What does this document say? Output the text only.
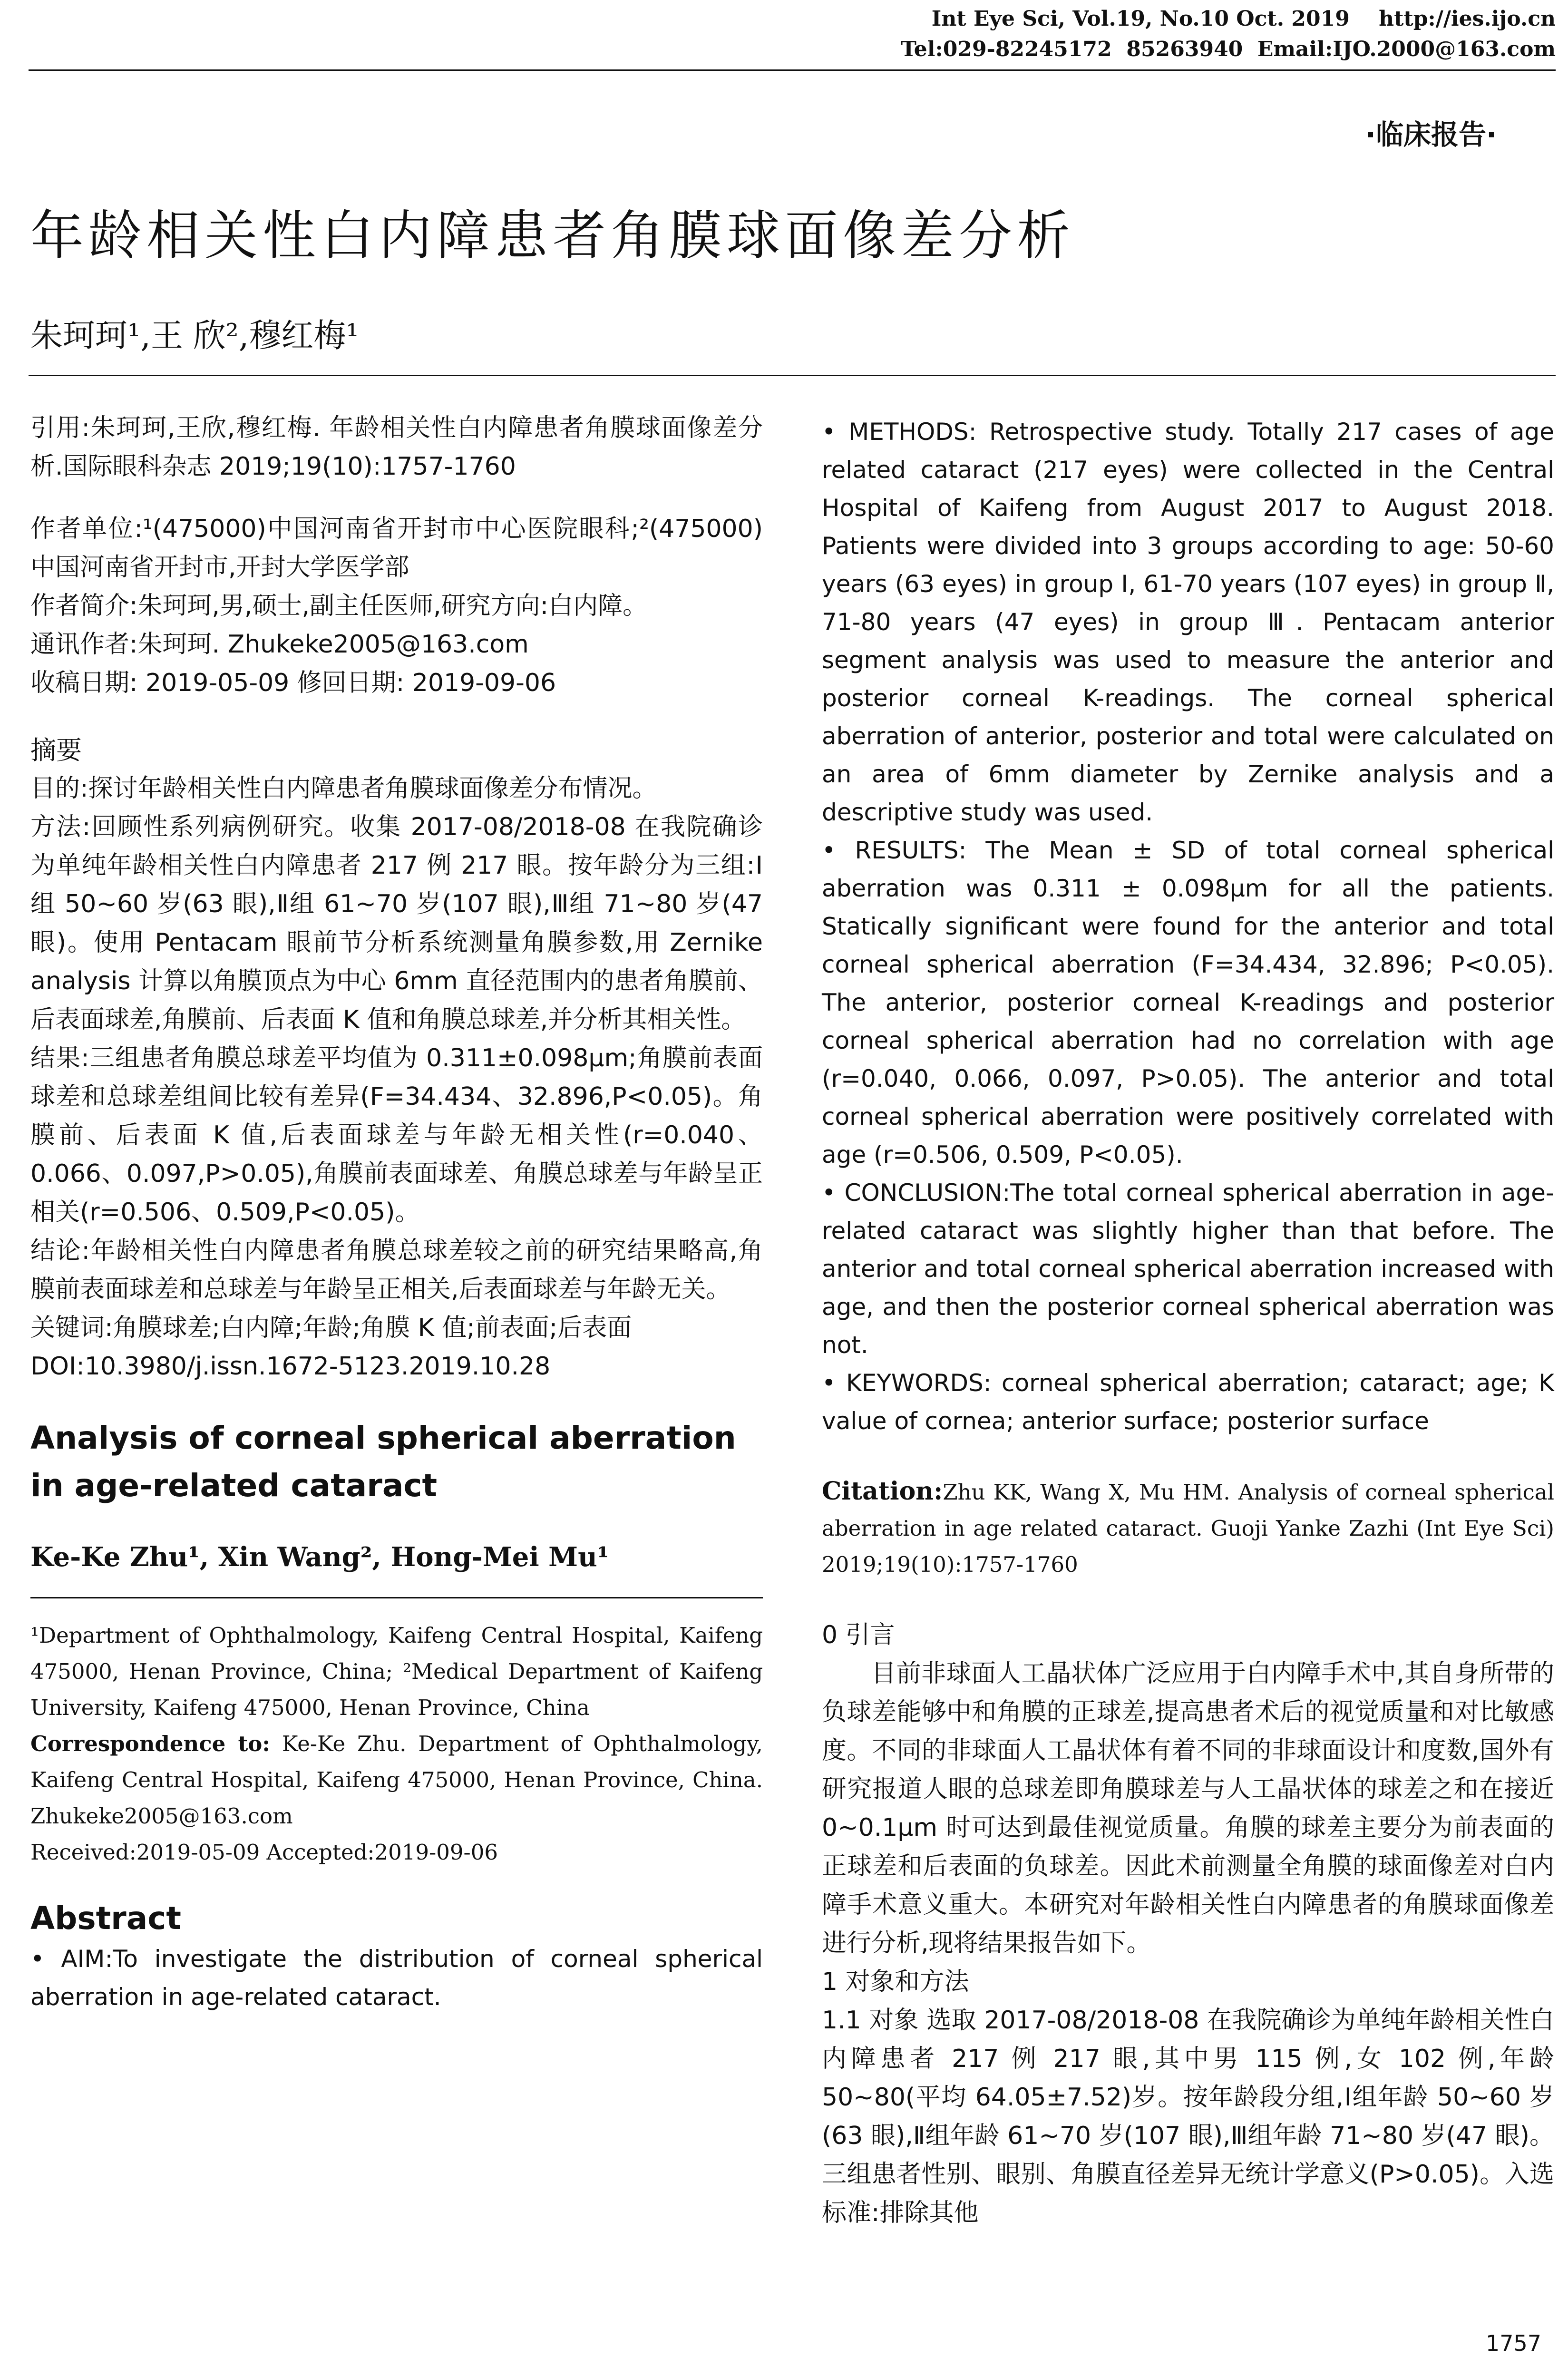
Int Eye Sci, Vol.19, No.10 Oct. 2019    http://ies.ijo.cn
Tel:029-82245172  85263940  Email:IJO.2000@163.com
·临床报告·
年龄相关性白内障患者角膜球面像差分析
朱珂珂¹,王 欣²,穆红梅¹

引用:朱珂珂,王欣,穆红梅. 年龄相关性白内障患者角膜球面像差分析.国际眼科杂志 2019;19(10):1757-1760

作者单位:¹(475000)中国河南省开封市中心医院眼科;²(475000)中国河南省开封市,开封大学医学部

作者简介:朱珂珂,男,硕士,副主任医师,研究方向:白内障。

通讯作者:朱珂珂. Zhukeke2005@163.com

收稿日期: 2019-05-09 修回日期: 2019-09-06

摘要

目的:探讨年龄相关性白内障患者角膜球面像差分布情况。

方法:回顾性系列病例研究。收集 2017-08/2018-08 在我院确诊为单纯年龄相关性白内障患者 217 例 217 眼。按年龄分为三组:Ⅰ组 50~60 岁(63 眼),Ⅱ组 61~70 岁(107 眼),Ⅲ组 71~80 岁(47 眼)。使用 Pentacam 眼前节分析系统测量角膜参数,用 Zernike analysis 计算以角膜顶点为中心 6mm 直径范围内的患者角膜前、后表面球差,角膜前、后表面 K 值和角膜总球差,并分析其相关性。

结果:三组患者角膜总球差平均值为 0.311±0.098μm;角膜前表面球差和总球差组间比较有差异(F=34.434、32.896,P<0.05)。角膜前、后表面 K 值,后表面球差与年龄无相关性(r=0.040、0.066、0.097,P>0.05),角膜前表面球差、角膜总球差与年龄呈正相关(r=0.506、0.509,P<0.05)。

结论:年龄相关性白内障患者角膜总球差较之前的研究结果略高,角膜前表面球差和总球差与年龄呈正相关,后表面球差与年龄无关。

关键词:角膜球差;白内障;年龄;角膜 K 值;前表面;后表面

DOI:10.3980/j.issn.1672-5123.2019.10.28

Analysis of corneal spherical aberration in age-related cataract

Ke-Ke Zhu¹, Xin Wang², Hong-Mei Mu¹

¹Department of Ophthalmology, Kaifeng Central Hospital, Kaifeng 475000, Henan Province, China; ²Medical Department of Kaifeng University, Kaifeng 475000, Henan Province, China

Correspondence to: Ke-Ke Zhu. Department of Ophthalmology, Kaifeng Central Hospital, Kaifeng 475000, Henan Province, China. Zhukeke2005@163.com

Received:2019-05-09 Accepted:2019-09-06

Abstract

• AIM:To investigate the distribution of corneal spherical aberration in age-related cataract.

• METHODS: Retrospective study. Totally 217 cases of age related cataract (217 eyes) were collected in the Central Hospital of Kaifeng from August 2017 to August 2018. Patients were divided into 3 groups according to age: 50-60 years (63 eyes) in group Ⅰ, 61-70 years (107 eyes) in group Ⅱ, 71-80 years (47 eyes) in group Ⅲ. Pentacam anterior segment analysis was used to measure the anterior and posterior corneal K-readings. The corneal spherical aberration of anterior, posterior and total were calculated on an area of 6mm diameter by Zernike analysis and a descriptive study was used.

• RESULTS: The Mean ± SD of total corneal spherical aberration was 0.311 ± 0.098μm for all the patients. Statically significant were found for the anterior and total corneal spherical aberration (F=34.434, 32.896; P<0.05). The anterior, posterior corneal K-readings and posterior corneal spherical aberration had no correlation with age (r=0.040, 0.066, 0.097, P>0.05). The anterior and total corneal spherical aberration were positively correlated with age (r=0.506, 0.509, P<0.05).

• CONCLUSION:The total corneal spherical aberration in age-related cataract was slightly higher than that before. The anterior and total corneal spherical aberration increased with age, and then the posterior corneal spherical aberration was not.

• KEYWORDS: corneal spherical aberration; cataract; age; K value of cornea; anterior surface; posterior surface

Citation:Zhu KK, Wang X, Mu HM. Analysis of corneal spherical aberration in age related cataract. Guoji Yanke Zazhi (Int Eye Sci) 2019;19(10):1757-1760

0 引言

目前非球面人工晶状体广泛应用于白内障手术中,其自身所带的负球差能够中和角膜的正球差,提高患者术后的视觉质量和对比敏感度。不同的非球面人工晶状体有着不同的非球面设计和度数,国外有研究报道人眼的总球差即角膜球差与人工晶状体的球差之和在接近 0~0.1μm 时可达到最佳视觉质量。角膜的球差主要分为前表面的正球差和后表面的负球差。因此术前测量全角膜的球面像差对白内障手术意义重大。本研究对年龄相关性白内障患者的角膜球面像差进行分析,现将结果报告如下。

1 对象和方法

1.1 对象 选取 2017-08/2018-08 在我院确诊为单纯年龄相关性白内障患者 217 例 217 眼,其中男 115 例,女 102 例,年龄 50~80(平均 64.05±7.52)岁。按年龄段分组,Ⅰ组年龄 50~60 岁(63 眼),Ⅱ组年龄 61~70 岁(107 眼),Ⅲ组年龄 71~80 岁(47 眼)。三组患者性别、眼别、角膜直径差异无统计学意义(P>0.05)。入选标准:排除其他

1757
